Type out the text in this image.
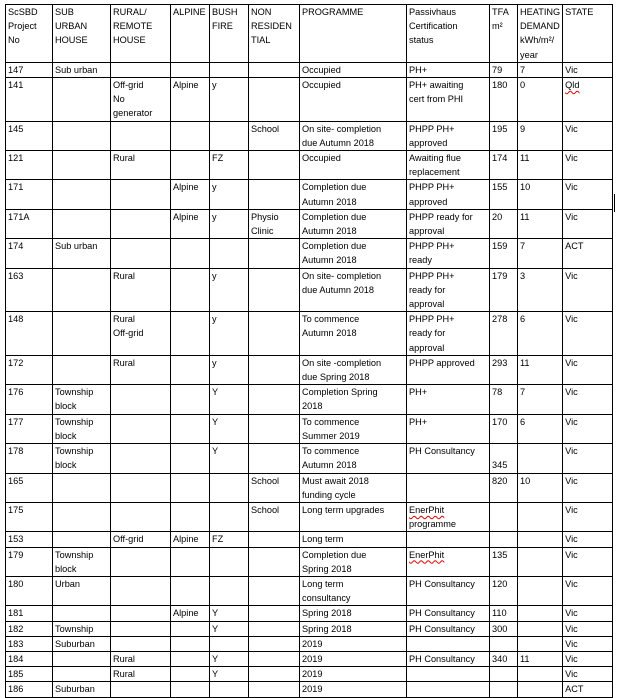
ScSBD
Project
No	SUB
URBAN
HOUSE	RURAL/
REMOTE
HOUSE	ALPINE	BUSH
FIRE	NON
RESIDEN
TIAL	PROGRAMME	Passivhaus
Certification
status	TFA
m²	HEATING
DEMAND
kWh/m²/
year	STATE
147	Sub urban					Occupied	PH+	79	7	Vic
141		Off-grid
No
generator	Alpine	y		Occupied	PH+ awaiting
cert from PHI	180	0	Qld
145					School	On site- completion
due Autumn 2018	PHPP PH+
approved	195	9	Vic
121		Rural		FZ		Occupied	Awaiting flue
replacement	174	11	Vic
171			Alpine	y		Completion due
Autumn 2018	PHPP PH+
approved	155	10	Vic
171A			Alpine	y	Physio
Clinic	Completion due
Autumn 2018	PHPP ready for
approval	20	11	Vic
174	Sub urban					Completion due
Autumn 2018	PHPP PH+
ready	159	7	ACT
163		Rural		y		On site- completion
due Autumn 2018	PHPP PH+
ready for
approval	179	3	Vic
148		Rural
Off-grid		y		To commence
Autumn 2018	PHPP PH+
ready for
approval	278	6	Vic
172		Rural		y		On site -completion
due Spring 2018	PHPP approved	293	11	Vic
176	Township
block			Y		Completion Spring
2018	PH+	78	7	Vic
177	Township
block			Y		To commence
Summer 2019	PH+	170	6	Vic
178	Township
block			Y		To commence
Autumn 2018	PH Consultancy	345		Vic
165					School	Must await 2018
funding cycle		820	10	Vic
175					School	Long term upgrades	EnerPhit
programme			Vic
153		Off-grid	Alpine	FZ		Long term				Vic
179	Township
block					Completion due
Spring 2018	EnerPhit	135		Vic
180	Urban					Long term
consultancy	PH Consultancy	120		Vic
181			Alpine	Y		Spring 2018	PH Consultancy	110		Vic
182	Township			Y		Spring 2018	PH Consultancy	300		Vic
183	Suburban					2019				Vic
184		Rural		Y		2019	PH Consultancy	340	11	Vic
185		Rural		Y		2019				Vic
186	Suburban					2019				ACT
